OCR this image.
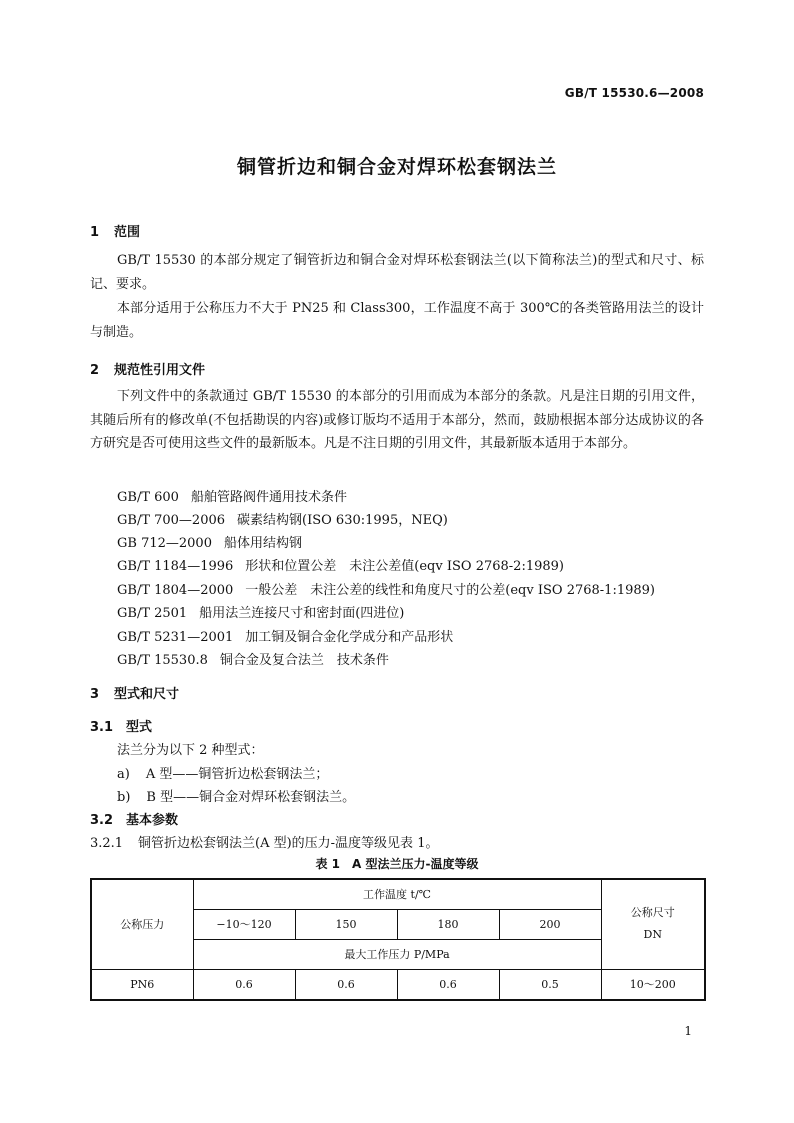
GB/T 15530.6—2008
铜管折边和铜合金对焊环松套钢法兰
1 范围

GB/T 15530 的本部分规定了铜管折边和铜合金对焊环松套钢法兰(以下简称法兰)的型式和尺寸、标记、要求。

本部分适用于公称压力不大于 PN25 和 Class300，工作温度不高于 300℃的各类管路用法兰的设计与制造。

2 规范性引用文件

下列文件中的条款通过 GB/T 15530 的本部分的引用而成为本部分的条款。凡是注日期的引用文件，其随后所有的修改单(不包括勘误的内容)或修订版均不适用于本部分，然而，鼓励根据本部分达成协议的各方研究是否可使用这些文件的最新版本。凡是不注日期的引用文件，其最新版本适用于本部分。

GB/T 600 船舶管路阀件通用技术条件
GB/T 700—2006 碳素结构钢(ISO 630:1995，NEQ)
GB 712—2000 船体用结构钢
GB/T 1184—1996 形状和位置公差　未注公差值(eqv ISO 2768-2:1989)
GB/T 1804—2000 一般公差　未注公差的线性和角度尺寸的公差(eqv ISO 2768-1:1989)
GB/T 2501 船用法兰连接尺寸和密封面(四进位)
GB/T 5231—2001 加工铜及铜合金化学成分和产品形状
GB/T 15530.8 铜合金及复合法兰　技术条件
3 型式和尺寸
3.1 型式
法兰分为以下 2 种型式：
a) A 型——铜管折边松套钢法兰；
b) B 型——铜合金对焊环松套钢法兰。
3.2 基本参数
3.2.1 铜管折边松套钢法兰(A 型)的压力-温度等级见表 1。
表 1　A 型法兰压力-温度等级
公称压力	工作温度 t/℃				公称尺寸
DN

	−10～120	150	180	200	
	最大工作压力 P/MPa				
PN6	0.6	0.6	0.6	0.5	10～200
1
